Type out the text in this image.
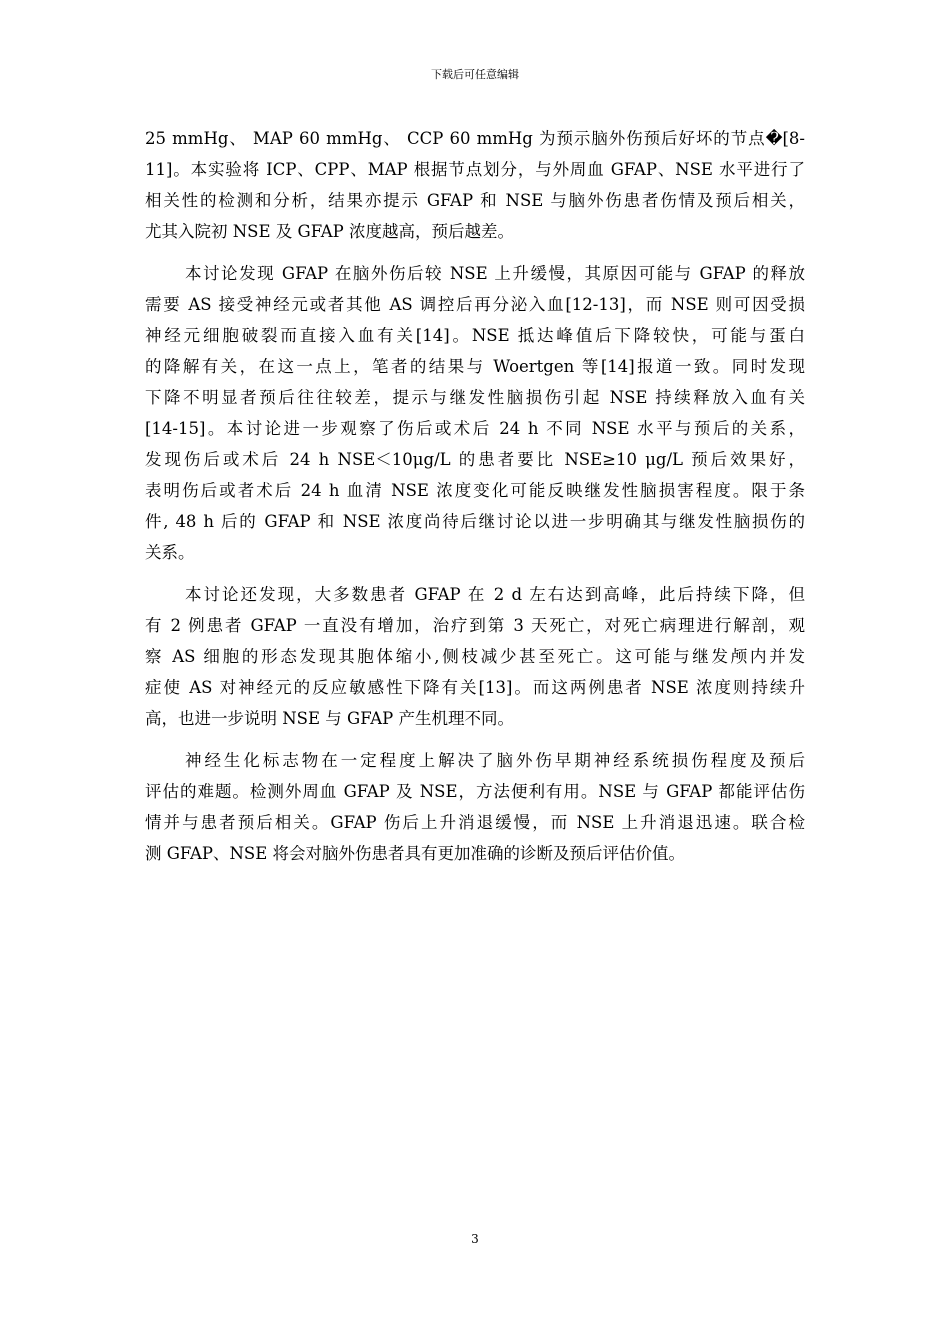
下载后可任意编辑
25 mmHg、 MAP 60 mmHg、 CCP 60 mmHg 为预示脑外伤预后好坏的节点�[8-
11]。本实验将 ICP、CPP、MAP 根据节点划分，与外周血 GFAP、NSE 水平进行了
相关性的检测和分析，结果亦提示 GFAP 和 NSE 与脑外伤患者伤情及预后相关，
尤其入院初 NSE 及 GFAP 浓度越高，预后越差。
本讨论发现 GFAP 在脑外伤后较 NSE 上升缓慢，其原因可能与 GFAP 的释放
需要 AS 接受神经元或者其他 AS 调控后再分泌入血[12-13]，而 NSE 则可因受损
神经元细胞破裂而直接入血有关[14]。NSE 抵达峰值后下降较快，可能与蛋白
的降解有关，在这一点上，笔者的结果与 Woertgen 等[14]报道一致。同时发现
下降不明显者预后往往较差，提示与继发性脑损伤引起 NSE 持续释放入血有关
[14-15]。本讨论进一步观察了伤后或术后 24 h 不同 NSE 水平与预后的关系，
发现伤后或术后 24 h NSE＜10μg/L 的患者要比 NSE≥10 μg/L 预后效果好，
表明伤后或者术后 24 h 血清 NSE 浓度变化可能反映继发性脑损害程度。限于条
件, 48 h 后的 GFAP 和 NSE 浓度尚待后继讨论以进一步明确其与继发性脑损伤的
关系。
本讨论还发现，大多数患者 GFAP 在 2 d 左右达到高峰，此后持续下降，但
有 2 例患者 GFAP 一直没有增加，治疗到第 3 天死亡，对死亡病理进行解剖，观
察 AS 细胞的形态发现其胞体缩小,侧枝减少甚至死亡。这可能与继发颅内并发
症使 AS 对神经元的反应敏感性下降有关[13]。而这两例患者 NSE 浓度则持续升
高，也进一步说明 NSE 与 GFAP 产生机理不同。
神经生化标志物在一定程度上解决了脑外伤早期神经系统损伤程度及预后
评估的难题。检测外周血 GFAP 及 NSE，方法便利有用。NSE 与 GFAP 都能评估伤
情并与患者预后相关。GFAP 伤后上升消退缓慢，而 NSE 上升消退迅速。联合检
测 GFAP、NSE 将会对脑外伤患者具有更加准确的诊断及预后评估价值。
3
